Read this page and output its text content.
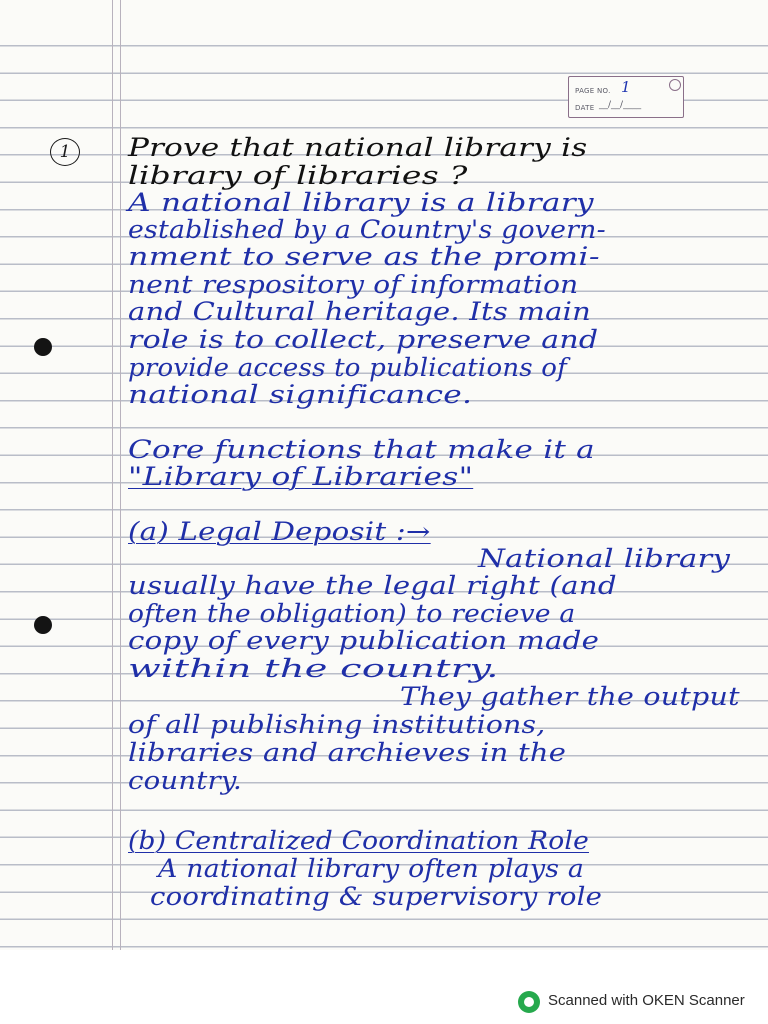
PAGE NO. 1
DATE __/__/____
1	Prove that national library is
library of libraries ?
A national library is a library
established by a Country's govern-
nment to serve as the promi-
nent respository of information
and Cultural heritage. Its main
role is to collect, preserve and
provide access to publications of
national significance.
Core functions that make it a
"Library of Libraries"
(a) Legal Deposit :→
National library
usually have the legal right (and
often the obligation) to recieve a
copy of every publication made
within the country.
They gather the output
of all publishing institutions,
libraries and archieves in the
country.
(b) Centralized Coordination Role
A national library often plays a
coordinating & supervisory role
Scanned with OKEN Scanner
